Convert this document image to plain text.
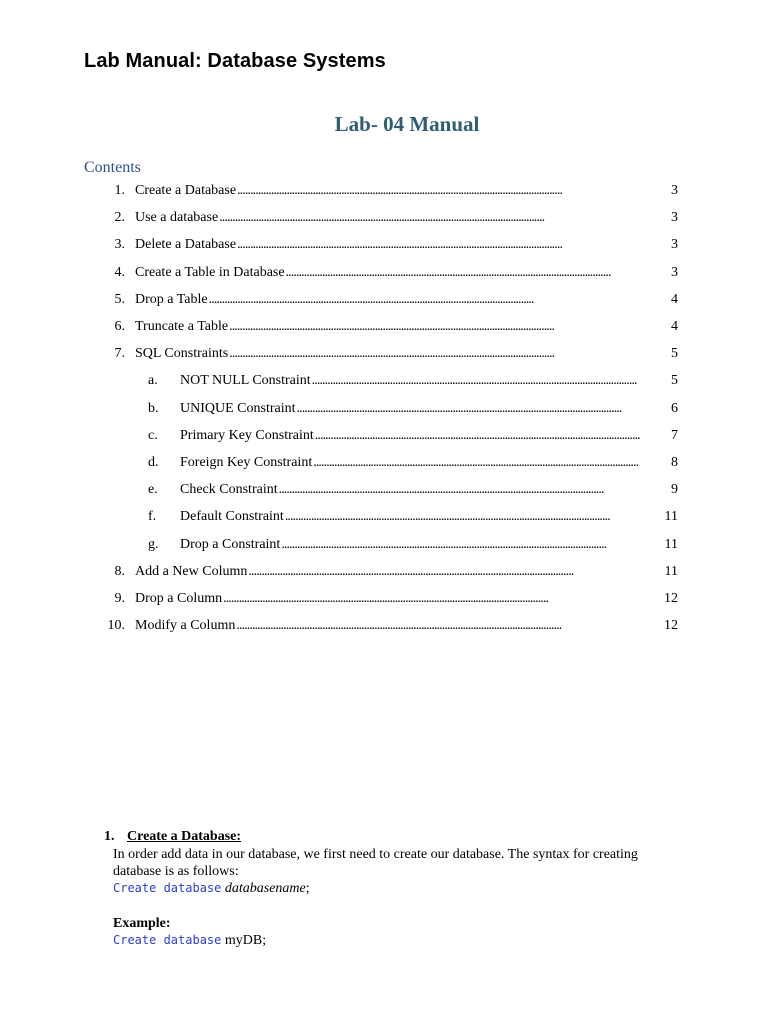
Lab Manual: Database Systems
Lab- 04 Manual
Contents
1. Create a Database . . .	3
2. Use a database . . .	3
3. Delete a Database . . .	3
4. Create a Table in Database . . .	3
5. Drop a Table . . .	4
6. Truncate a Table . . .	4
7. SQL Constraints . . .	5
a.	NOT NULL Constraint . . .	5
b.	UNIQUE Constraint . . .	6
c.	Primary Key Constraint . . .	7
d.	Foreign Key Constraint . . .	8
e.	Check Constraint . . .	9
f.	Default Constraint . . .	11
g.	Drop a Constraint . . .	11
8. Add a New Column . . .	11
9. Drop a Column . . .	12
10. Modify a Column . . .	12
1. Create a Database:
In order add data in our database, we first need to create our database. The syntax for creating database is as follows:
Create database databasename;
Example:
Create database myDB;
